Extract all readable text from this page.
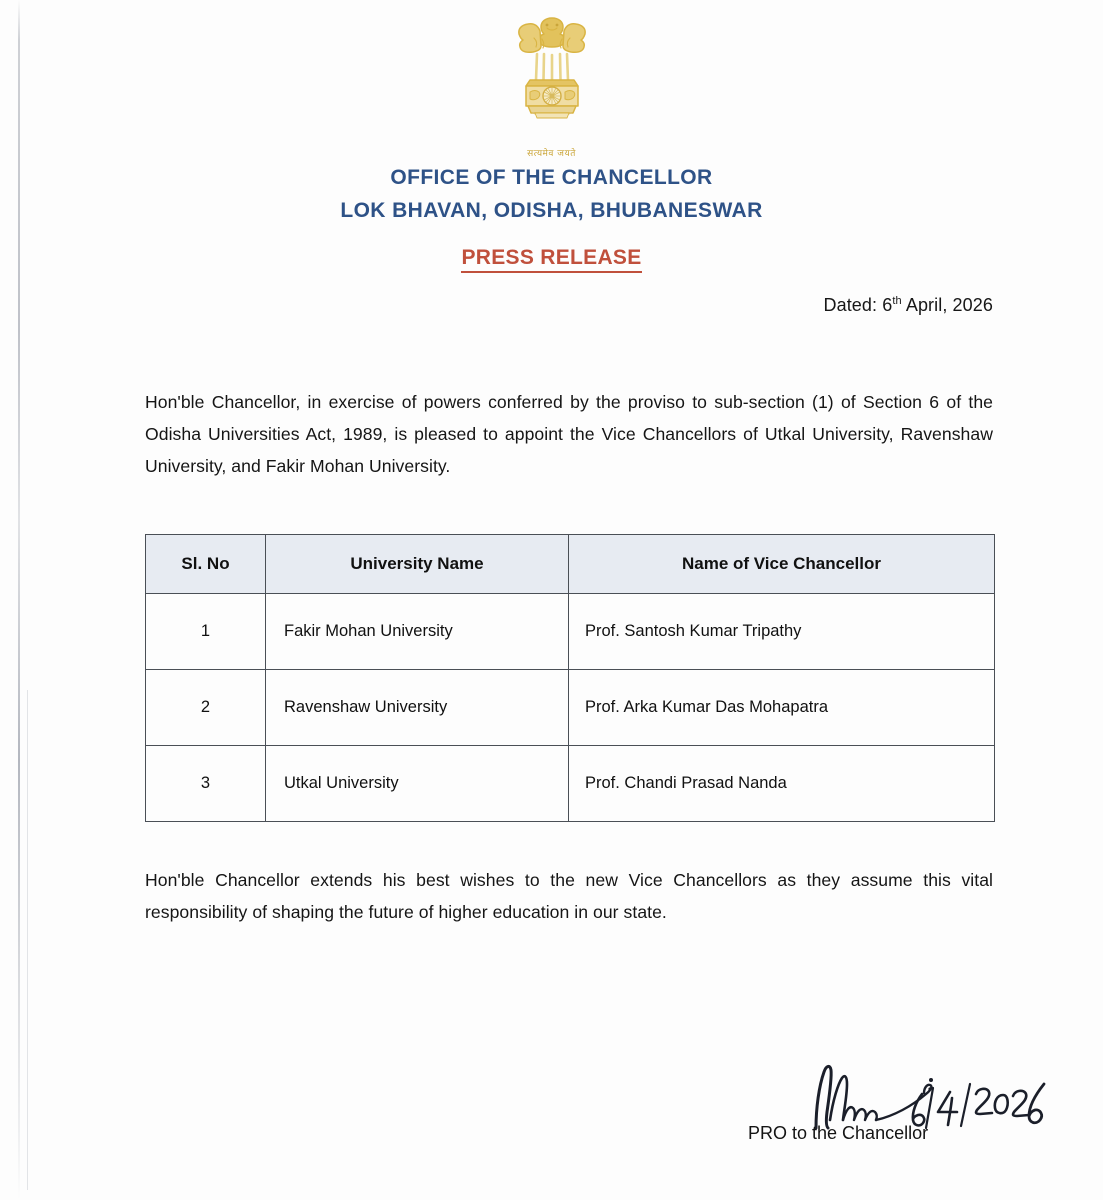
सत्यमेव जयते
OFFICE OF THE CHANCELLOR
LOK BHAVAN, ODISHA, BHUBANESWAR
PRESS RELEASE
Dated: 6th April, 2026
Hon'ble Chancellor, in exercise of powers conferred by the proviso to sub-section (1) of Section 6 of the Odisha Universities Act, 1989, is pleased to appoint the Vice Chancellors of Utkal University, Ravenshaw University, and Fakir Mohan University.
Sl. No	University Name	Name of Vice Chancellor
1	Fakir Mohan University	Prof. Santosh Kumar Tripathy
2	Ravenshaw University	Prof. Arka Kumar Das Mohapatra
3	Utkal University	Prof. Chandi Prasad Nanda
Hon'ble Chancellor extends his best wishes to the new Vice Chancellors as they assume this vital responsibility of shaping the future of higher education in our state.
PRO to the Chancellor
